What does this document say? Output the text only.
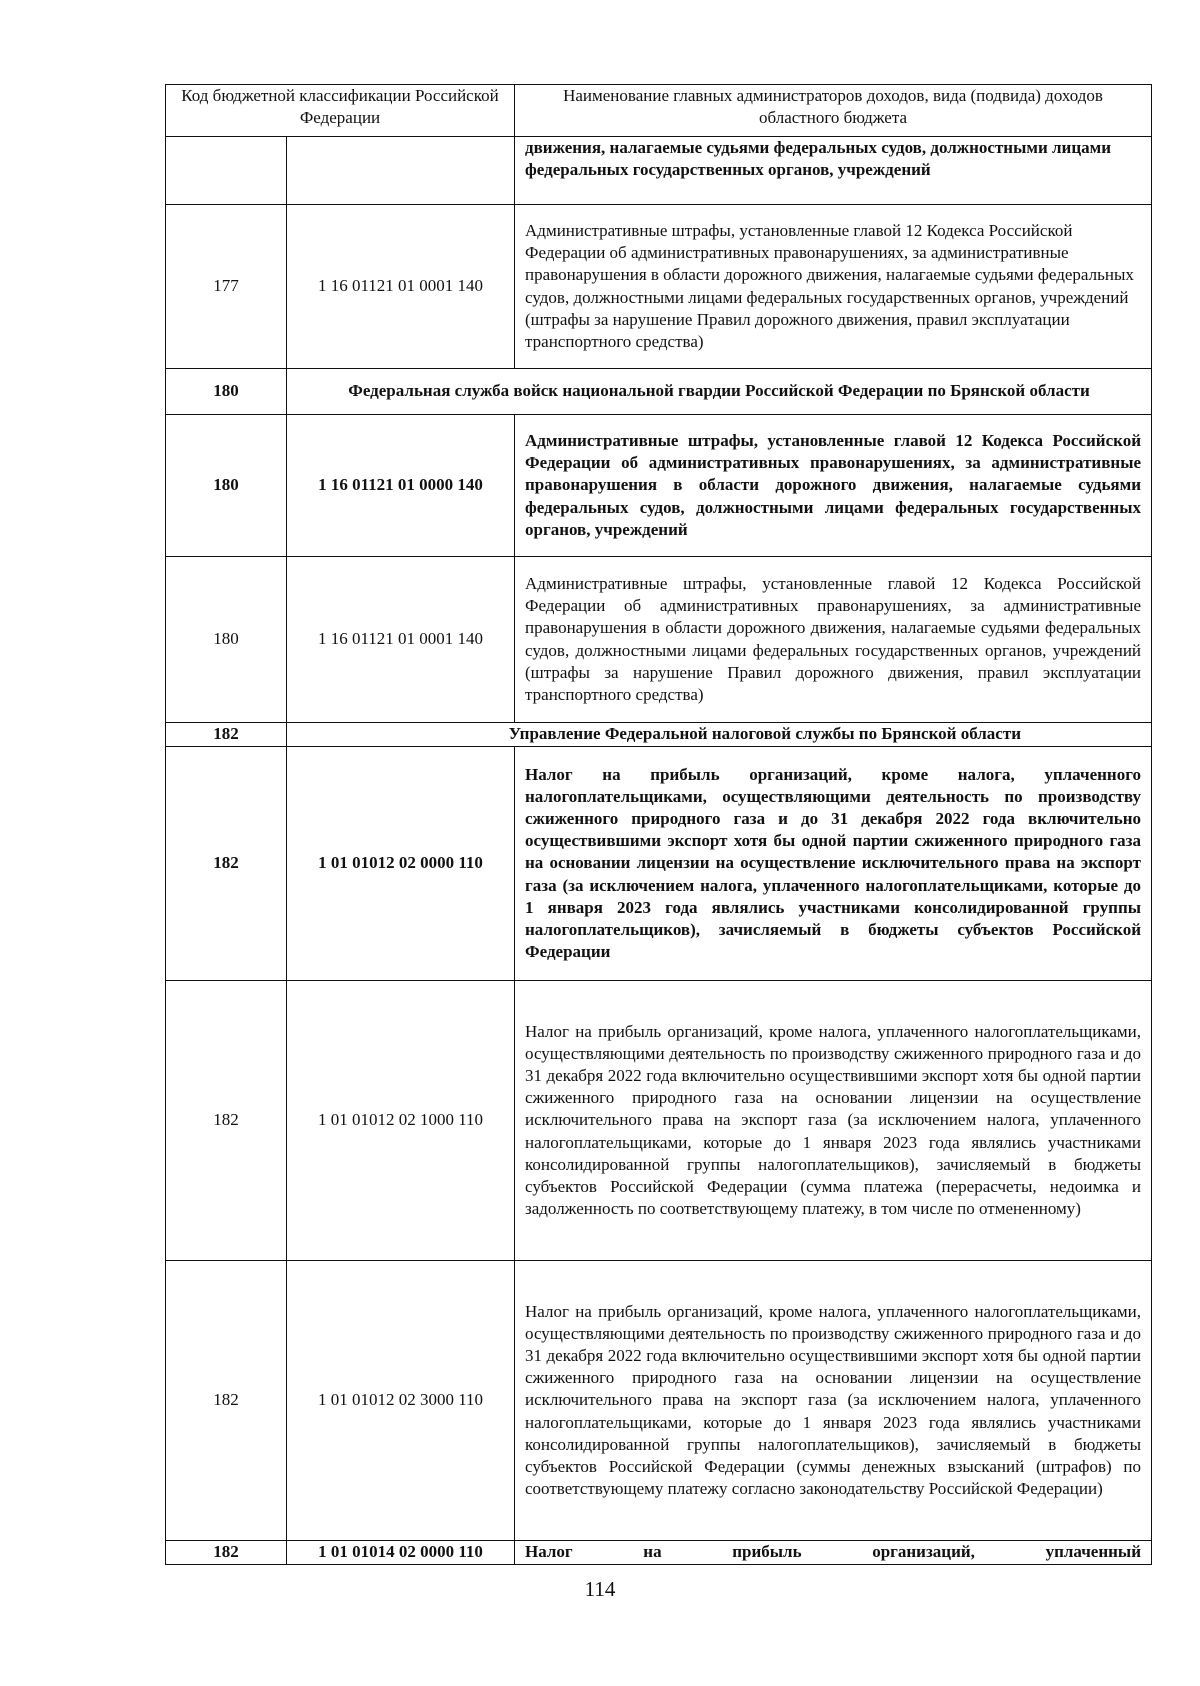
Код бюджетной классификации Российской Федерации		Наименование главных администраторов доходов, вида (подвида) доходов областного бюджета
		движения, налагаемые судьями федеральных судов, должностными лицами федеральных государственных органов, учреждений
177	1 16 01121 01 0001 140	Административные штрафы, установленные главой 12 Кодекса Российской Федерации об административных правонарушениях, за административные правонарушения в области дорожного движения, налагаемые судьями федеральных судов, должностными лицами федеральных государственных органов, учреждений (штрафы за нарушение Правил дорожного движения, правил эксплуатации транспортного средства)
180	Федеральная служба войск национальной гвардии Российской Федерации по Брянской области	
180	1 16 01121 01 0000 140	Административные штрафы, установленные главой 12 Кодекса Российской Федерации об административных правонарушениях, за административные правонарушения в области дорожного движения, налагаемые судьями федеральных судов, должностными лицами федеральных государственных органов, учреждений
180	1 16 01121 01 0001 140	Административные штрафы, установленные главой 12 Кодекса Российской Федерации об административных правонарушениях, за административные правонарушения в области дорожного движения, налагаемые судьями федеральных судов, должностными лицами федеральных государственных органов, учреждений (штрафы за нарушение Правил дорожного движения, правил эксплуатации транспортного средства)
182	Управление Федеральной налоговой службы по Брянской области	
182	1 01 01012 02 0000 110	Налог на прибыль организаций, кроме налога, уплаченного налогоплательщиками, осуществляющими деятельность по производству сжиженного природного газа и до 31 декабря 2022 года включительно осуществившими экспорт хотя бы одной партии сжиженного природного газа на основании лицензии на осуществление исключительного права на экспорт газа (за исключением налога, уплаченного налогоплательщиками, которые до 1 января 2023 года являлись участниками консолидированной группы налогоплательщиков), зачисляемый в бюджеты субъектов Российской Федерации
182	1 01 01012 02 1000 110	Налог на прибыль организаций, кроме налога, уплаченного налогоплательщиками, осуществляющими деятельность по производству сжиженного природного газа и до 31 декабря 2022 года включительно осуществившими экспорт хотя бы одной партии сжиженного природного газа на основании лицензии на осуществление исключительного права на экспорт газа (за исключением налога, уплаченного налогоплательщиками, которые до 1 января 2023 года являлись участниками консолидированной группы налогоплательщиков), зачисляемый в бюджеты субъектов Российской Федерации (сумма платежа (перерасчеты, недоимка и задолженность по соответствующему платежу, в том числе по отмененному)
182	1 01 01012 02 3000 110	Налог на прибыль организаций, кроме налога, уплаченного налогоплательщиками, осуществляющими деятельность по производству сжиженного природного газа и до 31 декабря 2022 года включительно осуществившими экспорт хотя бы одной партии сжиженного природного газа на основании лицензии на осуществление исключительного права на экспорт газа (за исключением налога, уплаченного налогоплательщиками, которые до 1 января 2023 года являлись участниками консолидированной группы налогоплательщиков), зачисляемый в бюджеты субъектов Российской Федерации (суммы денежных взысканий (штрафов) по соответствующему платежу согласно законодательству Российской Федерации)
182	1 01 01014 02 0000 110	Налог на прибыль организаций, уплаченный
114
